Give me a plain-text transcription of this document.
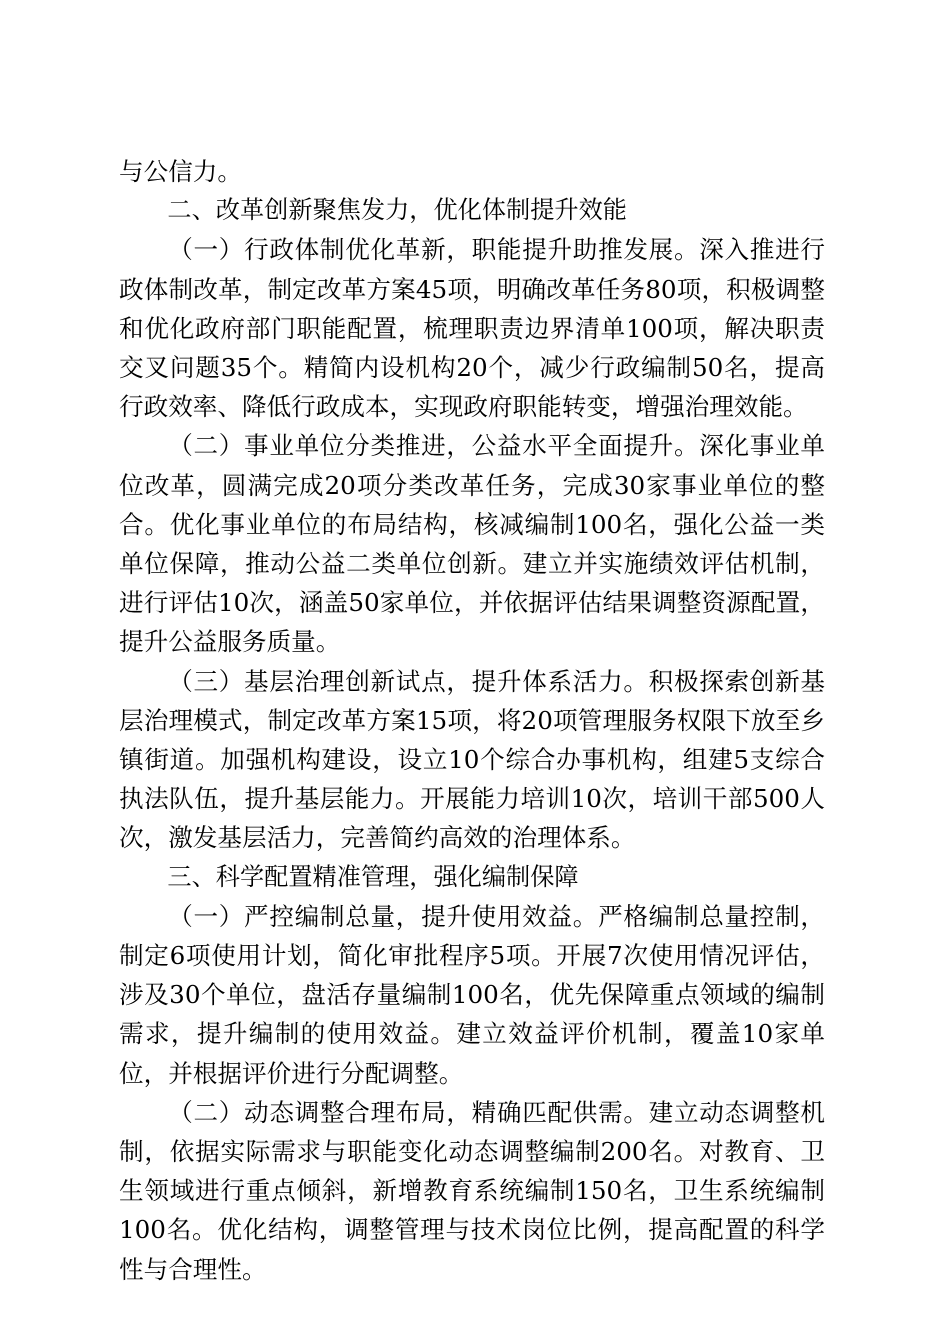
与公信力。

二、改革创新聚焦发力，优化体制提升效能

（一）行政体制优化革新，职能提升助推发展。深入推进行政体制改革，制定改革方案45项，明确改革任务80项，积极调整和优化政府部门职能配置，梳理职责边界清单100项，解决职责交叉问题35个。精简内设机构20个，减少行政编制50名，提高行政效率、降低行政成本，实现政府职能转变，增强治理效能。

（二）事业单位分类推进，公益水平全面提升。深化事业单位改革，圆满完成20项分类改革任务，完成30家事业单位的整合。优化事业单位的布局结构，核减编制100名，强化公益一类单位保障，推动公益二类单位创新。建立并实施绩效评估机制，进行评估10次，涵盖50家单位，并依据评估结果调整资源配置，提升公益服务质量。

（三）基层治理创新试点，提升体系活力。积极探索创新基层治理模式，制定改革方案15项，将20项管理服务权限下放至乡镇街道。加强机构建设，设立10个综合办事机构，组建5支综合执法队伍，提升基层能力。开展能力培训10次，培训干部500人次，激发基层活力，完善简约高效的治理体系。

三、科学配置精准管理，强化编制保障

（一）严控编制总量，提升使用效益。严格编制总量控制，制定6项使用计划，简化审批程序5项。开展7次使用情况评估，涉及30个单位，盘活存量编制100名，优先保障重点领域的编制需求，提升编制的使用效益。建立效益评价机制，覆盖10家单位，并根据评价进行分配调整。

（二）动态调整合理布局，精确匹配供需。建立动态调整机制，依据实际需求与职能变化动态调整编制200名。对教育、卫生领域进行重点倾斜，新增教育系统编制150名，卫生系统编制100名。优化结构，调整管理与技术岗位比例，提高配置的科学性与合理性。
